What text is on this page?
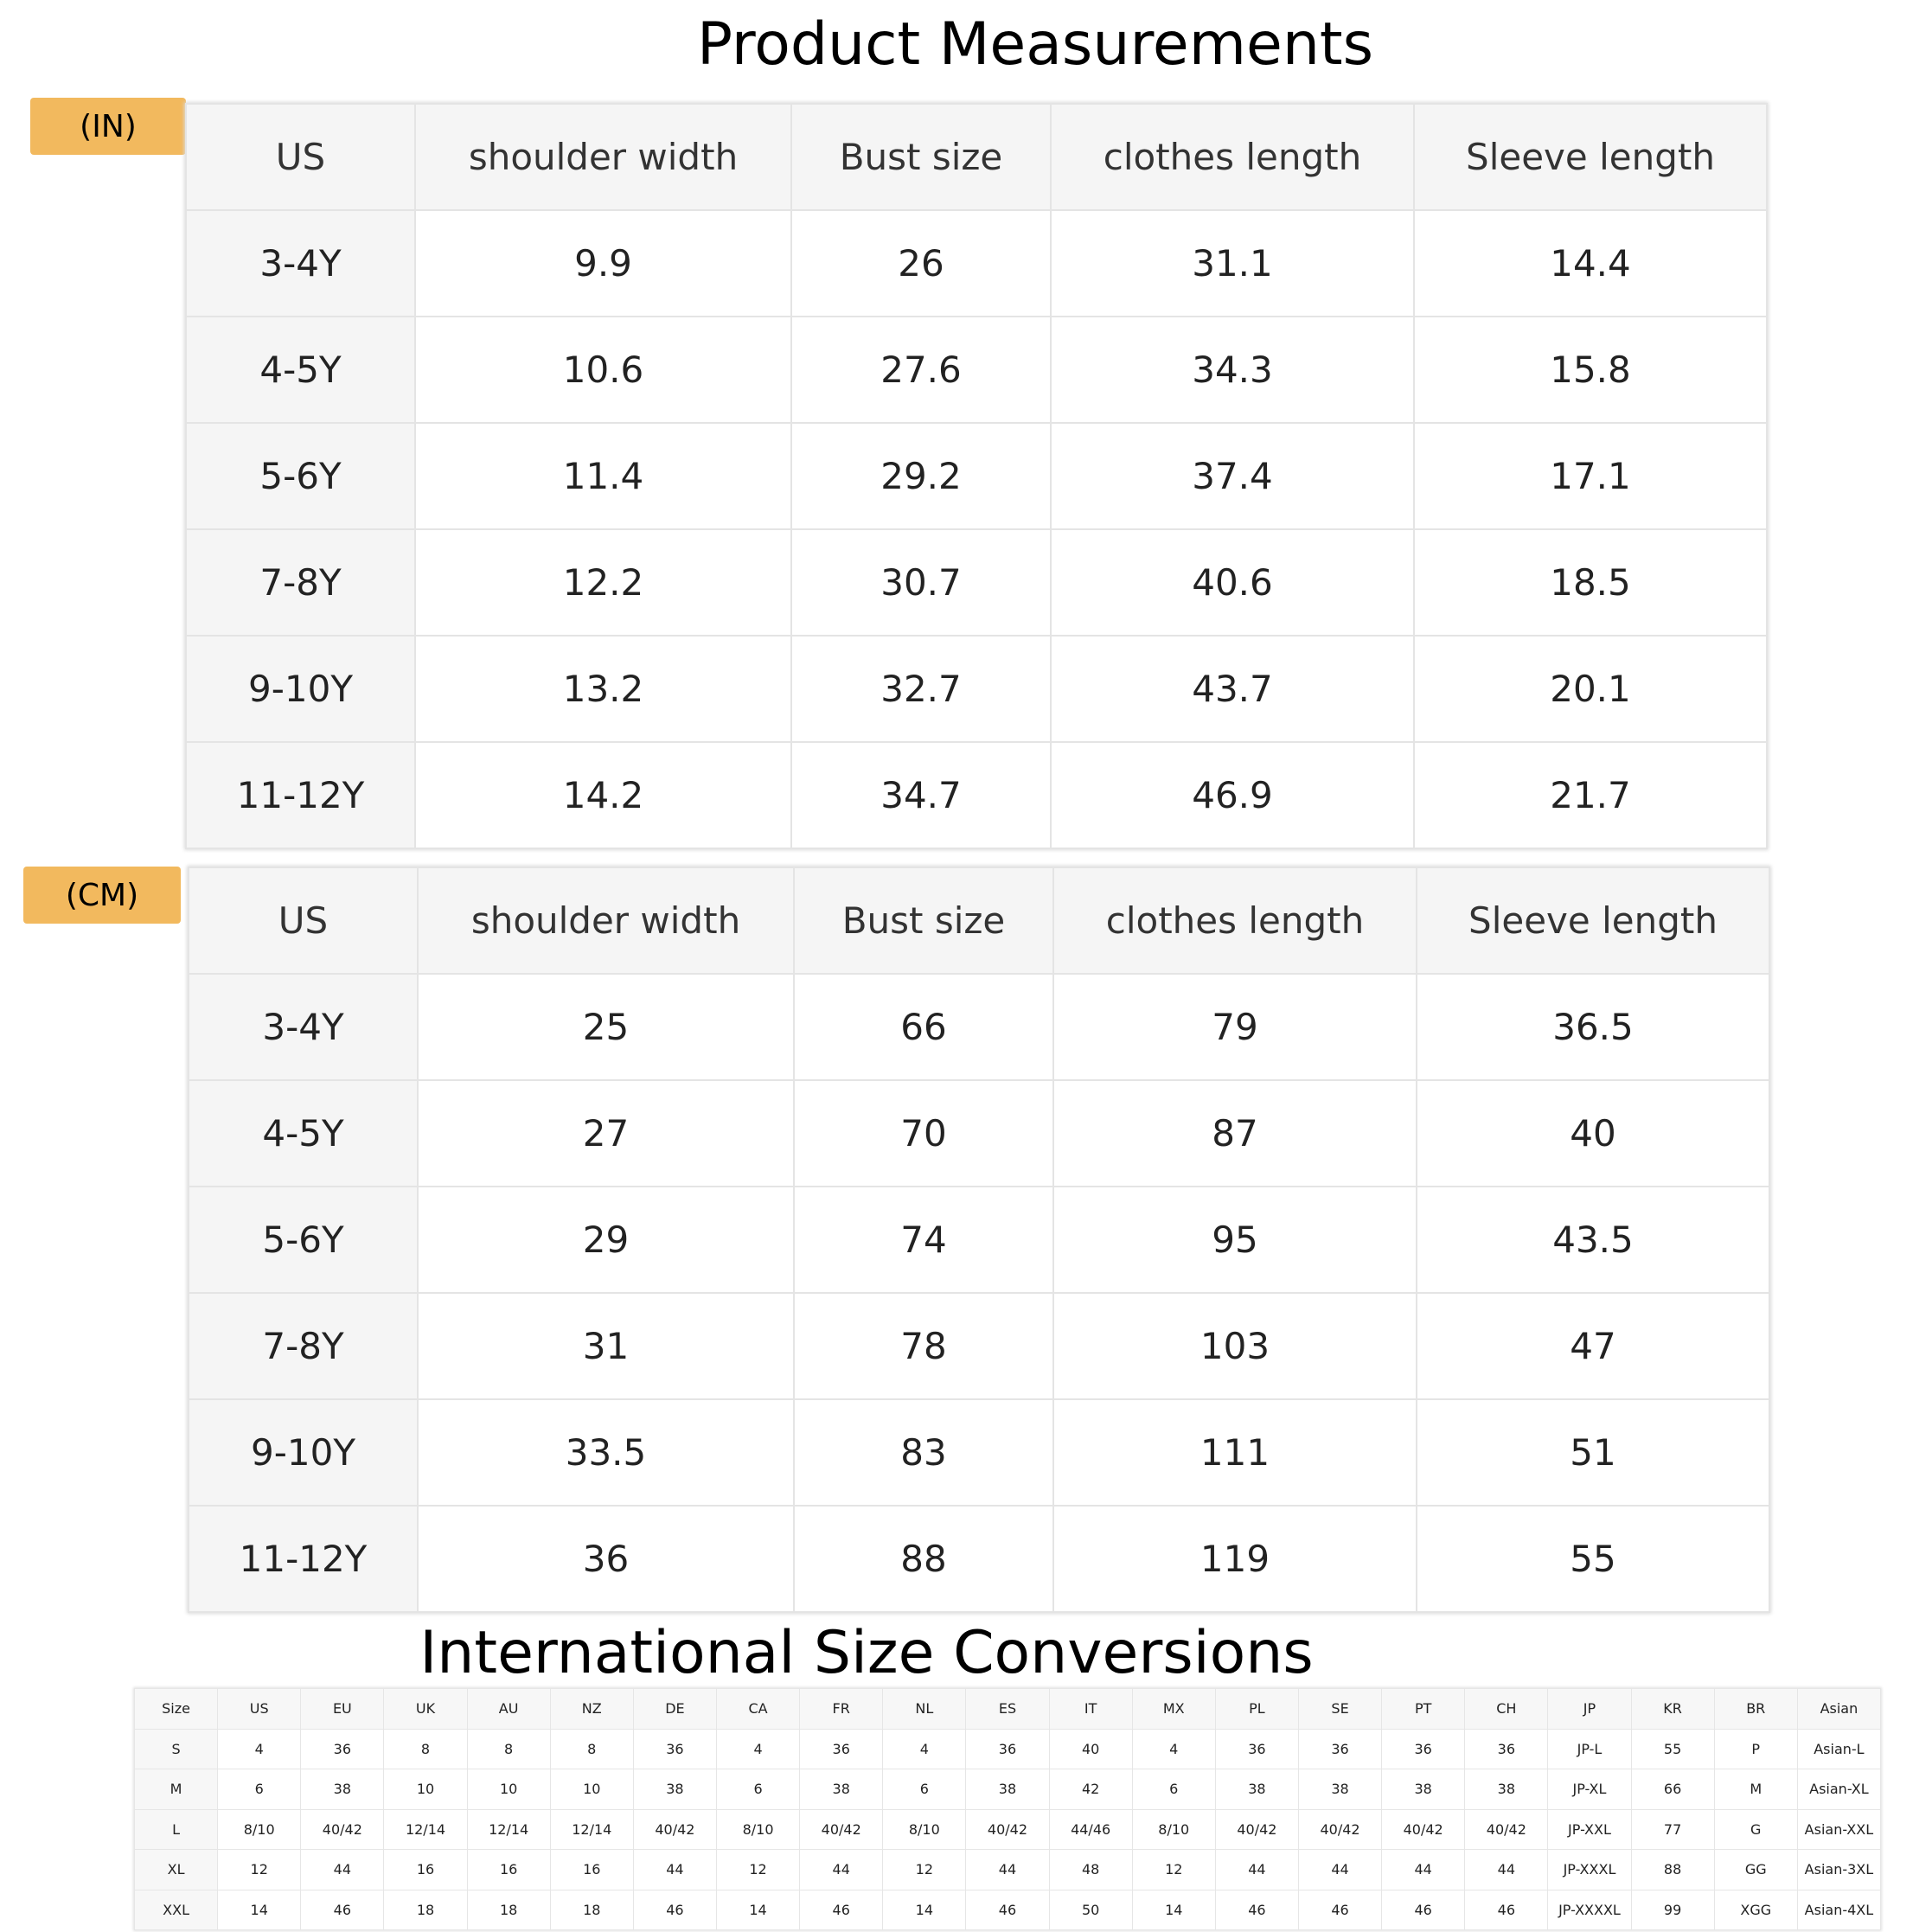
Product Measurements
(IN)
US	shoulder width	Bust size	clothes length	Sleeve length
3-4Y	9.9	26	31.1	14.4
4-5Y	10.6	27.6	34.3	15.8
5-6Y	11.4	29.2	37.4	17.1
7-8Y	12.2	30.7	40.6	18.5
9-10Y	13.2	32.7	43.7	20.1
11-12Y	14.2	34.7	46.9	21.7
(CM)
US	shoulder width	Bust size	clothes length	Sleeve length
3-4Y	25	66	79	36.5
4-5Y	27	70	87	40
5-6Y	29	74	95	43.5
7-8Y	31	78	103	47
9-10Y	33.5	83	111	51
11-12Y	36	88	119	55
International Size Conversions
Size	US	EU	UK	AU	NZ	DE	CA	FR	NL	ES	IT	MX	PL	SE	PT	CH	JP	KR	BR	Asian
S	4	36	8	8	8	36	4	36	4	36	40	4	36	36	36	36	JP-L	55	P	Asian-L
M	6	38	10	10	10	38	6	38	6	38	42	6	38	38	38	38	JP-XL	66	M	Asian-XL
L	8/10	40/42	12/14	12/14	12/14	40/42	8/10	40/42	8/10	40/42	44/46	8/10	40/42	40/42	40/42	40/42	JP-XXL	77	G	Asian-XXL
XL	12	44	16	16	16	44	12	44	12	44	48	12	44	44	44	44	JP-XXXL	88	GG	Asian-3XL
XXL	14	46	18	18	18	46	14	46	14	46	50	14	46	46	46	46	JP-XXXXL	99	XGG	Asian-4XL
